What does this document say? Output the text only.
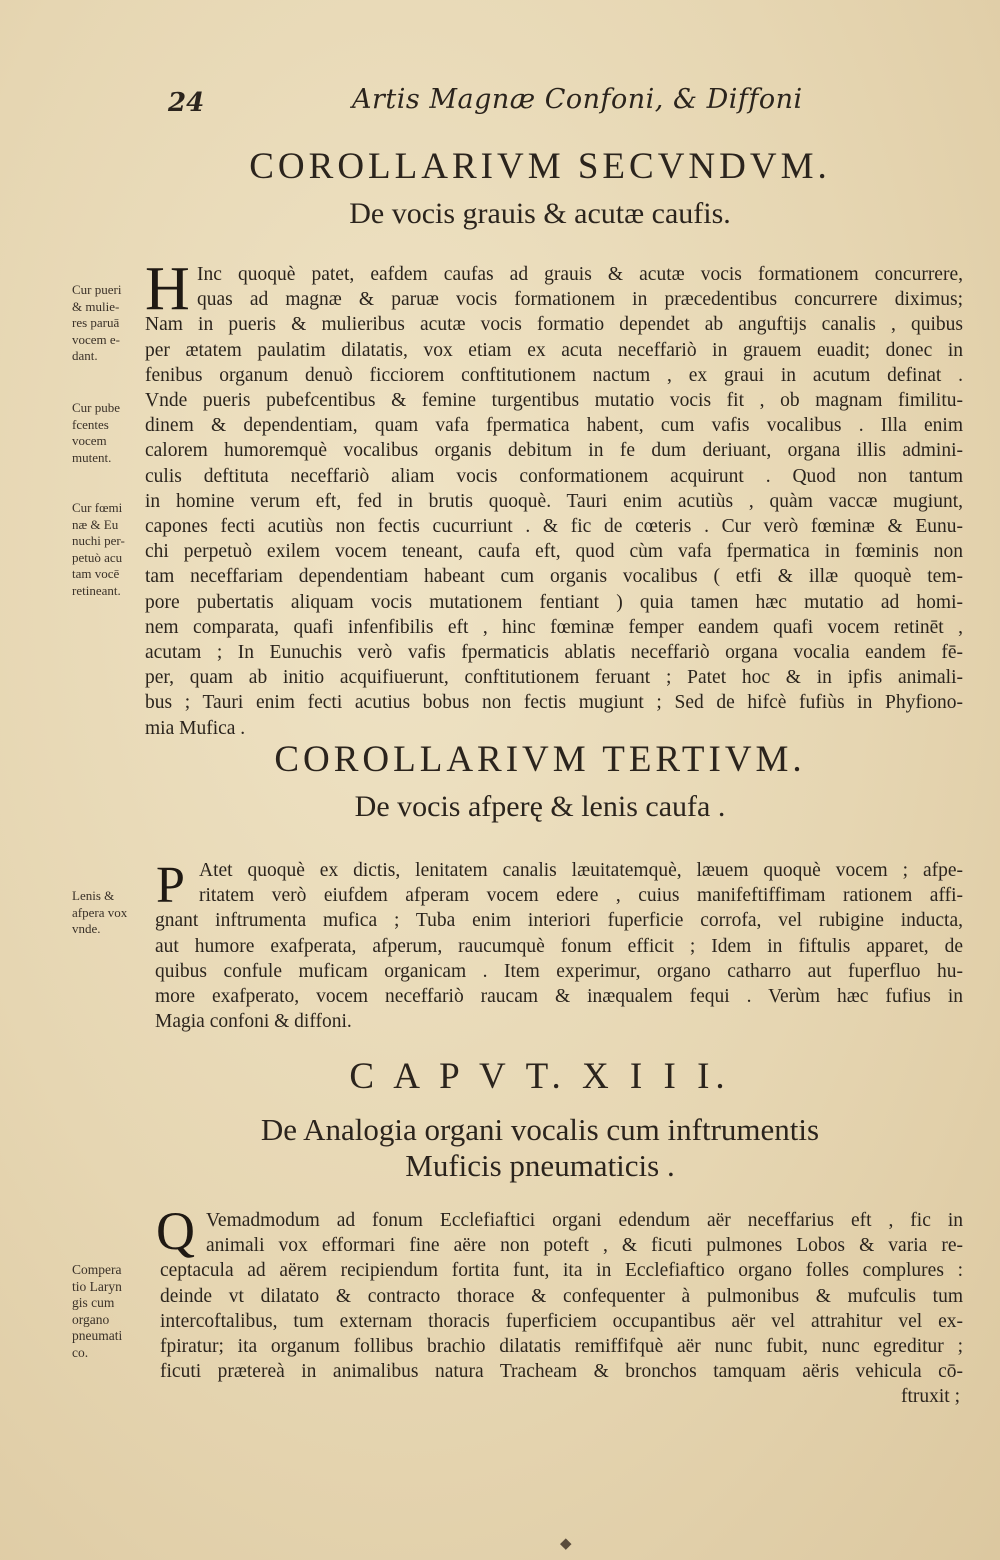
24	Artis Magnæ Confoni, & Diffoni
COROLLARIVM SECVNDVM.
De vocis grauis & acutæ caufis.
H Inc quoquè patet, eafdem caufas ad grauis & acutæ vocis formationem concurrere,
quas ad magnæ & paruæ vocis formationem in præcedentibus concurrere diximus;
Nam in pueris & mulieribus acutæ vocis formatio dependet ab anguftijs canalis , quibus
per ætatem paulatim dilatatis, vox etiam ex acuta neceffariò in grauem euadit; donec in
fenibus organum denuò ficciorem conftitutionem nactum , ex graui in acutum definat .
Vnde pueris pubefcentibus & femine turgentibus mutatio vocis fit , ob magnam fimilitu-
dinem & dependentiam, quam vafa fpermatica habent, cum vafis vocalibus . Illa enim
calorem humoremquè vocalibus organis debitum in fe dum deriuant, organa illis admini-
culis deftituta neceffariò aliam vocis conformationem acquirunt . Quod non tantum
in homine verum eft, fed in brutis quoquè. Tauri enim acutiùs , quàm vaccæ mugiunt,
capones fecti acutiùs non fectis cucurriunt . & fic de cœteris . Cur verò fœminæ & Eunu-
chi perpetuò exilem vocem teneant, caufa eft, quod cùm vafa fpermatica in fœminis non
tam neceffariam dependentiam habeant cum organis vocalibus ( etfi & illæ quoquè tem-
pore pubertatis aliquam vocis mutationem fentiant ) quia tamen hæc mutatio ad homi-
nem comparata, quafi infenfibilis eft , hinc fœminæ femper eandem quafi vocem retinēt ,
acutam ; In Eunuchis verò vafis fpermaticis ablatis neceffariò organa vocalia eandem fē-
per, quam ab initio acquifiuerunt, conftitutionem feruant ; Patet hoc & in ipfis animali-
bus ; Tauri enim fecti acutius bobus non fectis mugiunt ; Sed de hifcè fufiùs in Phyfiono-
mia Mufica .
Cur pueri
& mulie-
res paruā
vocem e-
dant.
Cur pube
fcentes
vocem
mutent.
Cur fœmi
næ & Eu
nuchi per-
petuò acu
tam vocē
retineant.
COROLLARIVM TERTIVM.
De vocis afperę & lenis caufa .
P Atet quoquè ex dictis, lenitatem canalis læuitatemquè, læuem quoquè vocem ; afpe-
ritatem verò eiufdem afperam vocem edere , cuius manifeftiffimam rationem affi-
gnant inftrumenta mufica ; Tuba enim interiori fuperficie corrofa, vel rubigine inducta,
aut humore exafperata, afperum, raucumquè fonum efficit ; Idem in fiftulis apparet, de
quibus confule muficam organicam . Item experimur, organo catharro aut fuperfluo hu-
more exafperato, vocem neceffariò raucam & inæqualem fequi . Verùm hæc fufius in
Magia confoni & diffoni.
Lenis &
afpera vox
vnde.
C A P V T. X I I I.
De Analogia organi vocalis cum inftrumentis
Muficis pneumaticis .
Q Vemadmodum ad fonum Ecclefiaftici organi edendum aër neceffarius eft , fic in
animali vox efformari fine aëre non poteft , & ficuti pulmones Lobos & varia re-
ceptacula ad aërem recipiendum fortita funt, ita in Ecclefiaftico organo folles complures :
deinde vt dilatato & contracto thorace & confequenter à pulmonibus & mufculis tum
intercoftalibus, tum externam thoracis fuperficiem occupantibus aër vel attrahitur vel ex-
fpiratur; ita organum follibus brachio dilatatis remiffifquè aër nunc fubit, nunc egreditur ;
ficuti prætereà in animalibus natura Tracheam & bronchos tamquam aëris vehicula cō-
ftruxit ;
Compera
tio Laryn
gis cum
organo
pneumati
co.
◆
